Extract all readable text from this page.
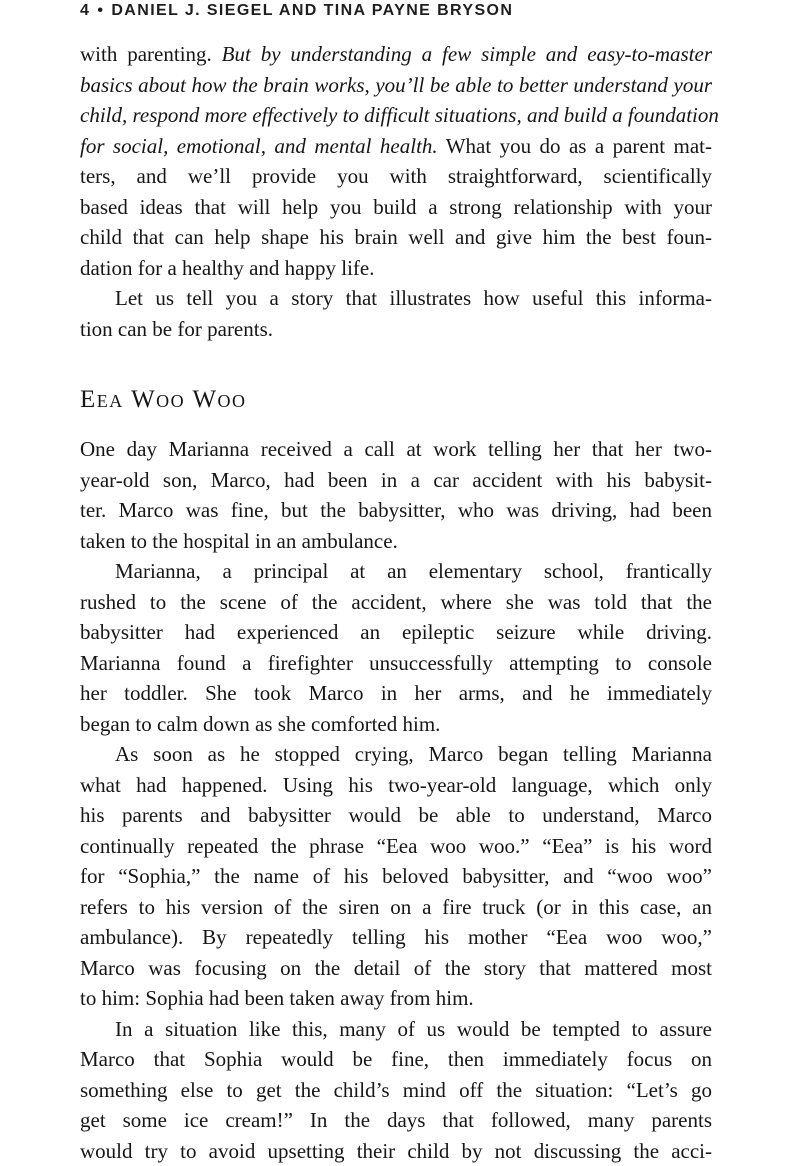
4 • DANIEL J. SIEGEL AND TINA PAYNE BRYSON
with parenting. But by understanding a few simple and easy-to-master
basics about how the brain works, you’ll be able to better understand your
child, respond more effectively to difficult situations, and build a foundation
for social, emotional, and mental health. What you do as a parent mat-
ters, and we’ll provide you with straightforward, scientifically
based ideas that will help you build a strong relationship with your
child that can help shape his brain well and give him the best foun-
dation for a healthy and happy life.
Let us tell you a story that illustrates how useful this informa-
tion can be for parents.
Eea Woo Woo
One day Marianna received a call at work telling her that her two-
year-old son, Marco, had been in a car accident with his babysit-
ter. Marco was fine, but the babysitter, who was driving, had been
taken to the hospital in an ambulance.
Marianna, a principal at an elementary school, frantically
rushed to the scene of the accident, where she was told that the
babysitter had experienced an epileptic seizure while driving.
Marianna found a firefighter unsuccessfully attempting to console
her toddler. She took Marco in her arms, and he immediately
began to calm down as she comforted him.
As soon as he stopped crying, Marco began telling Marianna
what had happened. Using his two-year-old language, which only
his parents and babysitter would be able to understand, Marco
continually repeated the phrase “Eea woo woo.” “Eea” is his word
for “Sophia,” the name of his beloved babysitter, and “woo woo”
refers to his version of the siren on a fire truck (or in this case, an
ambulance). By repeatedly telling his mother “Eea woo woo,”
Marco was focusing on the detail of the story that mattered most
to him: Sophia had been taken away from him.
In a situation like this, many of us would be tempted to assure
Marco that Sophia would be fine, then immediately focus on
something else to get the child’s mind off the situation: “Let’s go
get some ice cream!” In the days that followed, many parents
would try to avoid upsetting their child by not discussing the acci-
